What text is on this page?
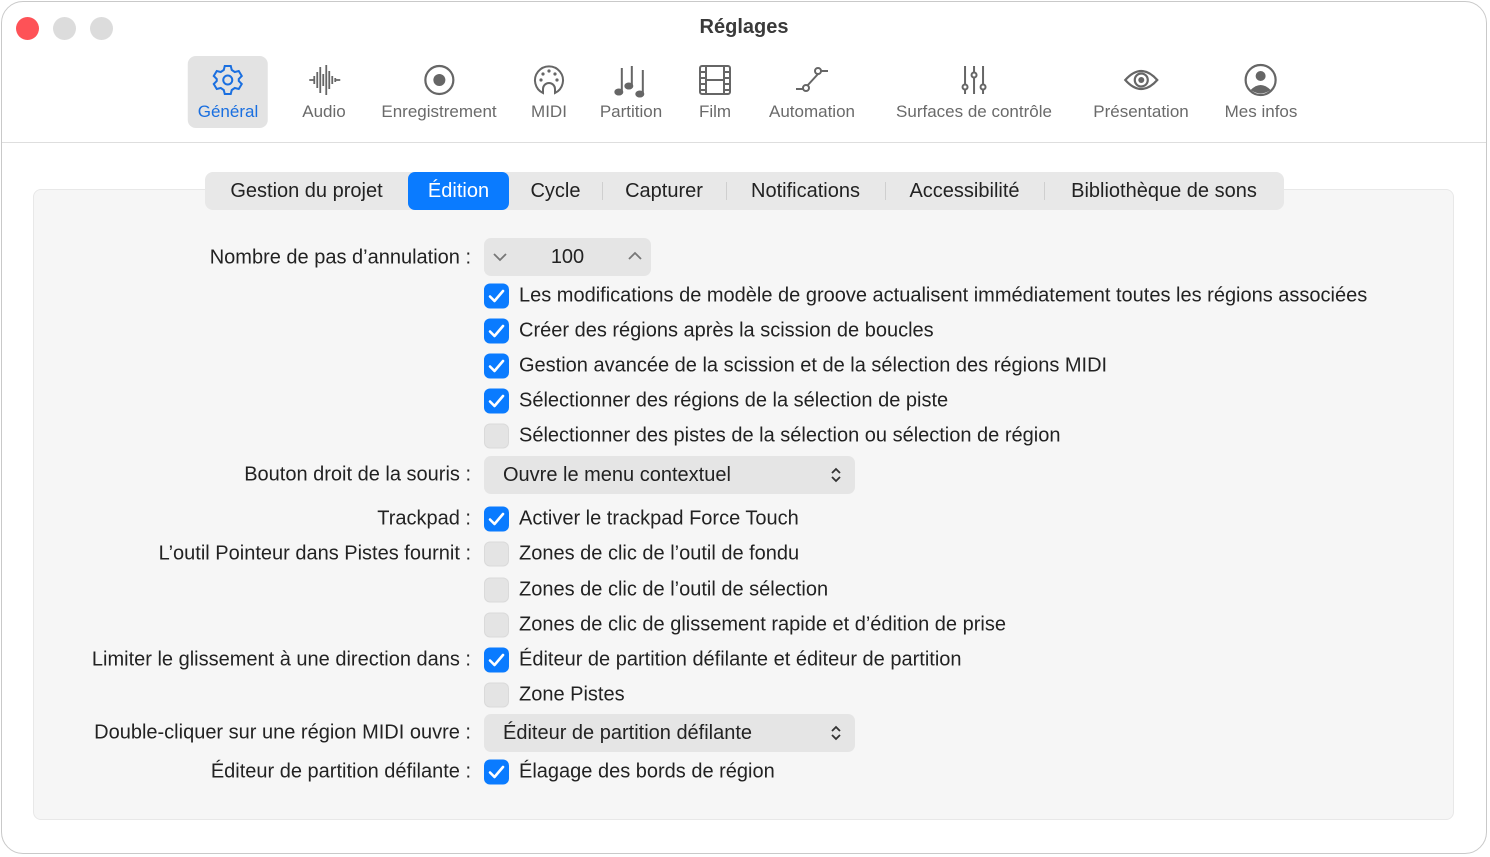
Réglages
Général	Audio Enregistrement MIDI Partition Film Automation Surfaces de contrôle Présentation Mes infos
Gestion du projet	Édition	Cycle	Capturer	Notifications	Accessibilité	Bibliothèque de sons
Nombre de pas d’annulation :	100
Les modifications de modèle de groove actualisent immédiatement toutes les régions associées
Créer des régions après la scission de boucles
Gestion avancée de la scission et de la sélection des régions MIDI
Sélectionner des régions de la sélection de piste
Sélectionner des pistes de la sélection ou sélection de région
Bouton droit de la souris : Ouvre le menu contextuel
Trackpad : Activer le trackpad Force Touch
L’outil Pointeur dans Pistes fournit : Zones de clic de l’outil de fondu
Zones de clic de l’outil de sélection
Zones de clic de glissement rapide et d’édition de prise
Limiter le glissement à une direction dans : Éditeur de partition défilante et éditeur de partition
Zone Pistes
Double-cliquer sur une région MIDI ouvre : Éditeur de partition défilante
Éditeur de partition défilante : Élagage des bords de région
